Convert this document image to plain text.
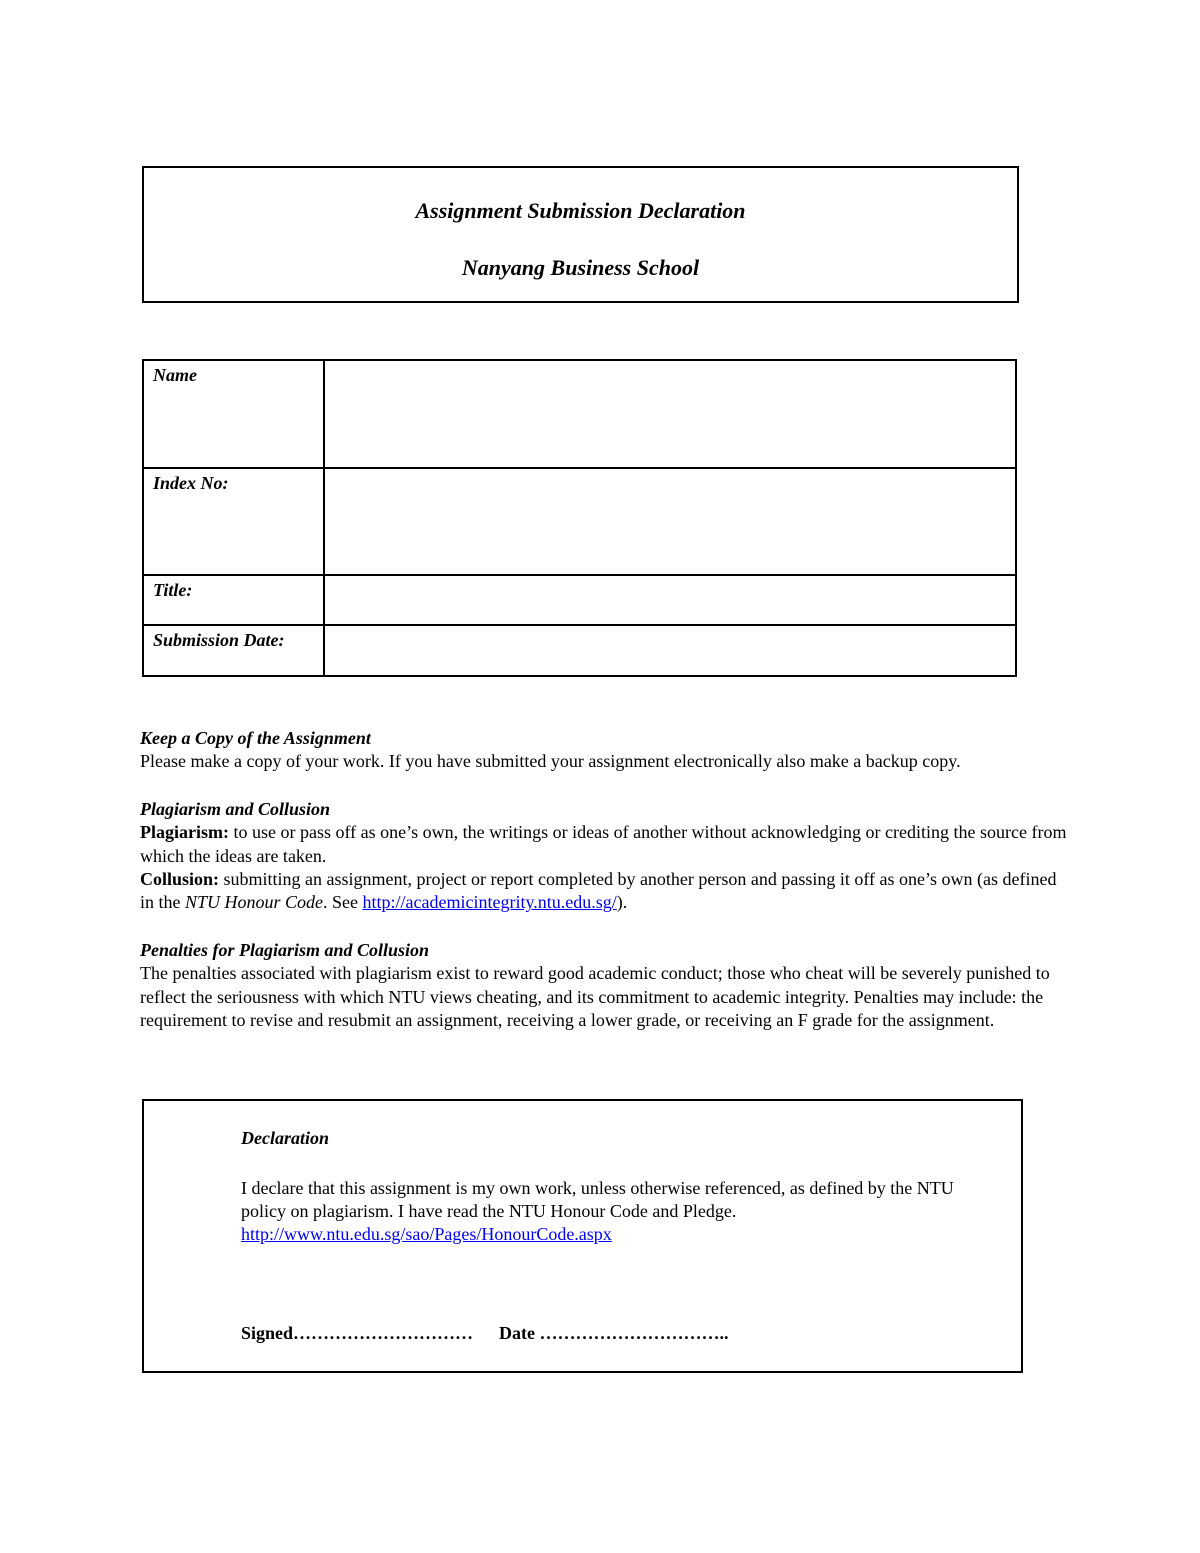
Assignment Submission Declaration
Nanyang Business School
Name	
Index No:	
Title:	
Submission Date:	
Keep a Copy of the Assignment
Please make a copy of your work. If you have submitted your assignment electronically also make a backup copy.
Plagiarism and Collusion
Plagiarism: to use or pass off as one’s own, the writings or ideas of another without acknowledging or crediting the source from which the ideas are taken.
Collusion: submitting an assignment, project or report completed by another person and passing it off as one’s own (as defined in the NTU Honour Code. See http://academicintegrity.ntu.edu.sg/).
Penalties for Plagiarism and Collusion
The penalties associated with plagiarism exist to reward good academic conduct; those who cheat will be severely punished to reflect the seriousness with which NTU views cheating, and its commitment to academic integrity. Penalties may include: the requirement to revise and resubmit an assignment, receiving a lower grade, or receiving an F grade for the assignment.
Declaration
I declare that this assignment is my own work, unless otherwise referenced, as defined by the NTU policy on plagiarism. I have read the NTU Honour Code and Pledge.
http://www.ntu.edu.sg/sao/Pages/HonourCode.aspx
Signed………………………… Date …………………………..
